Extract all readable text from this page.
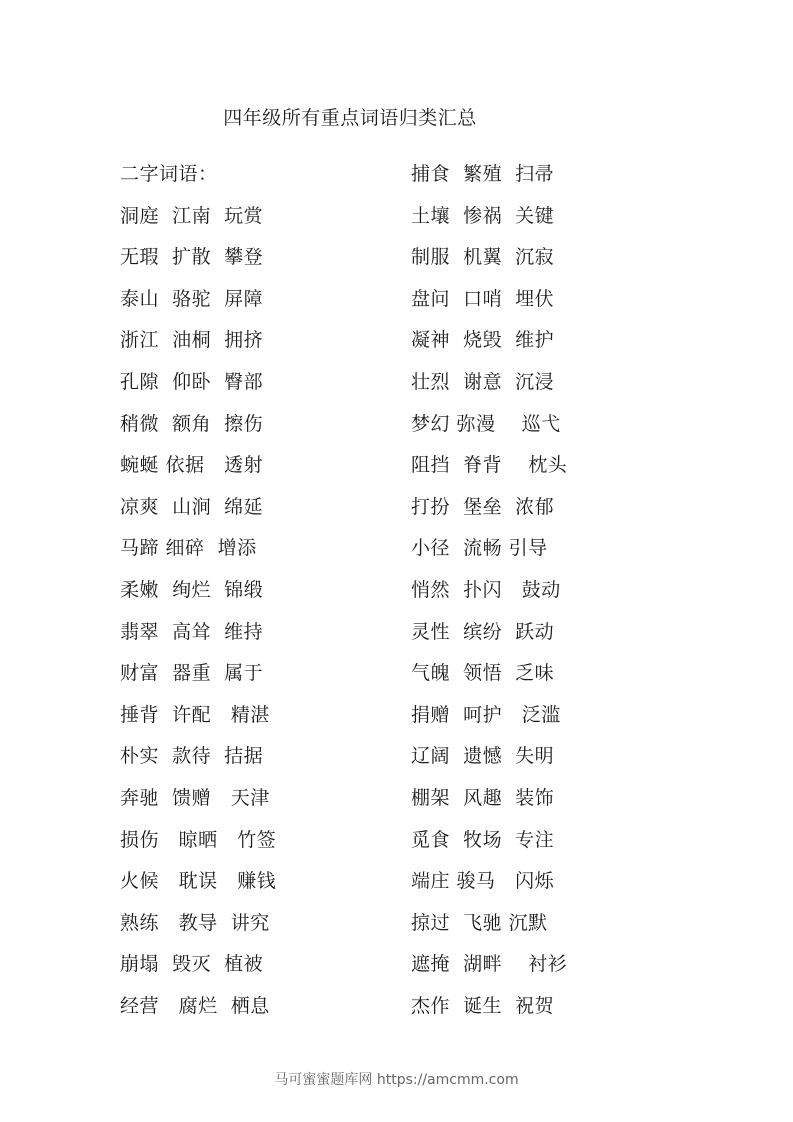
四年级所有重点词语归类汇总
二字词语：
洞庭  江南  玩赏
无瑕  扩散  攀登
泰山  骆驼  屏障
浙江  油桐  拥挤
孔隙  仰卧  臀部
稍微  额角  擦伤
蜿蜒 依据   透射
凉爽  山涧  绵延
马蹄 细碎  增添
柔嫩  绚烂  锦缎
翡翠  高耸  维持
财富  器重  属于
捶背  许配   精湛
朴实  款待  拮据
奔驰  馈赠   天津
损伤   晾晒   竹签
火候   耽误   赚钱
熟练   教导  讲究
崩塌  毁灭  植被
经营   腐烂  栖息
捕食  繁殖  扫帚
土壤  惨祸  关键
制服  机翼  沉寂
盘问  口哨  埋伏
凝神  烧毁  维护
壮烈  谢意  沉浸
梦幻 弥漫    巡弋
阻挡  脊背    枕头
打扮  堡垒  浓郁
小径  流畅 引导
悄然  扑闪   鼓动
灵性  缤纷  跃动
气魄  领悟  乏味
捐赠  呵护   泛滥
辽阔  遗憾  失明
棚架  风趣  装饰
觅食  牧场  专注
端庄 骏马   闪烁
掠过  飞驰 沉默
遮掩  湖畔    衬衫
杰作  诞生  祝贺
马可蜜蜜题库网 https://amcmm.com
